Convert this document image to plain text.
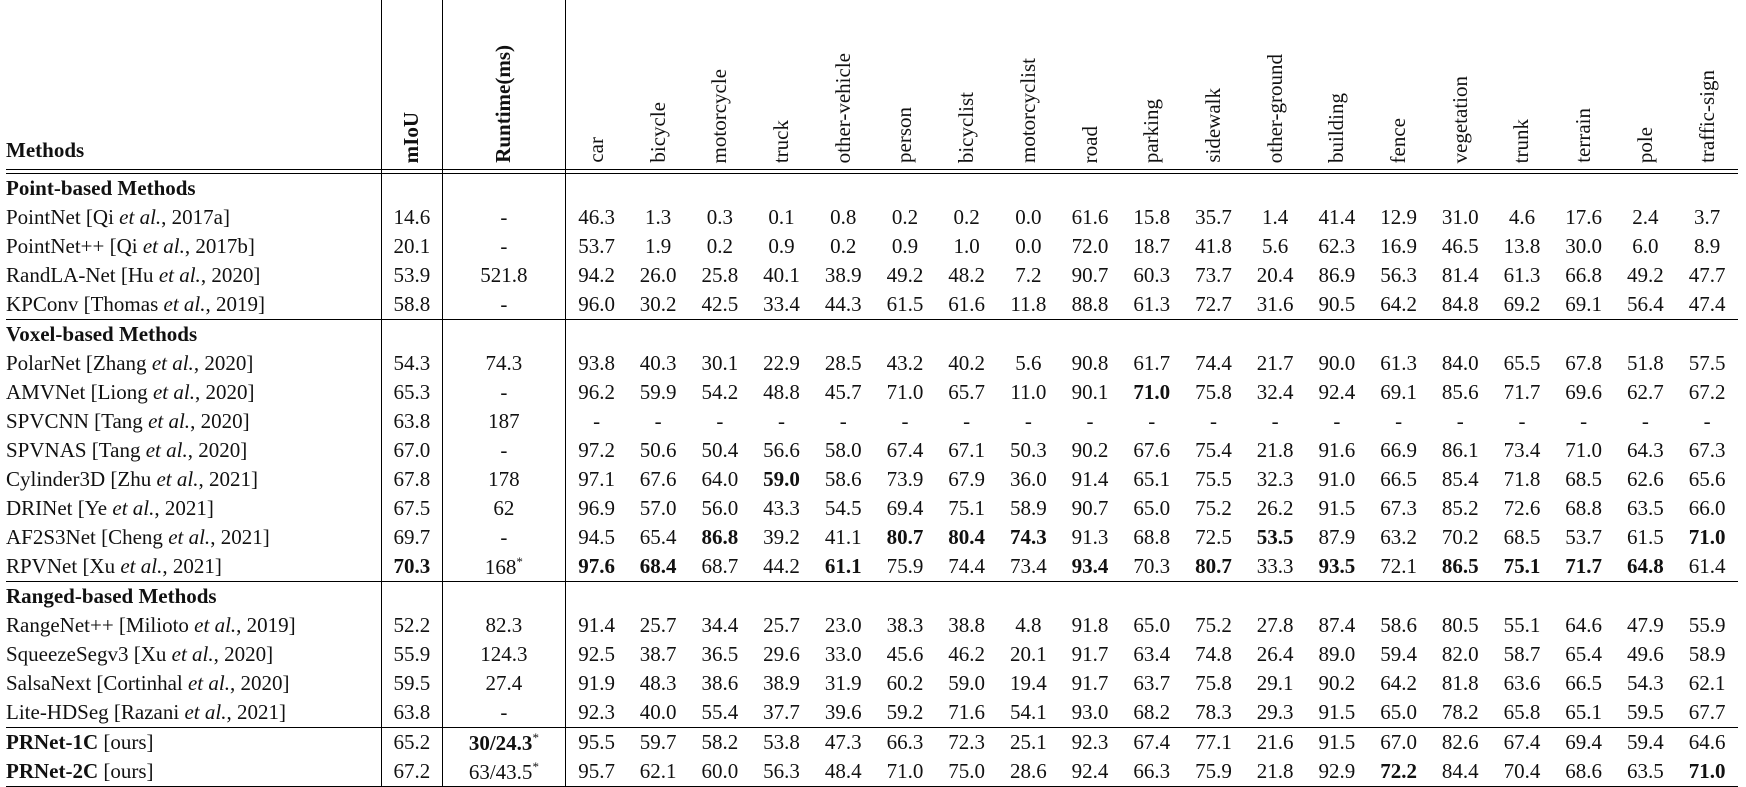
Methods	mIoU	Runtime(ms)	car	bicycle	motorcycle	truck	other-vehicle	person	bicyclist	motorcyclist	road	parking	sidewalk	other-ground	building	fence	vegetation	trunk	terrain	pole	traffic-sign

Point-based Methods																					
PointNet [Qi et al., 2017a]	14.6	-	46.3	1.3	0.3	0.1	0.8	0.2	0.2	0.0	61.6	15.8	35.7	1.4	41.4	12.9	31.0	4.6	17.6	2.4	3.7
PointNet++ [Qi et al., 2017b]	20.1	-	53.7	1.9	0.2	0.9	0.2	0.9	1.0	0.0	72.0	18.7	41.8	5.6	62.3	16.9	46.5	13.8	30.0	6.0	8.9
RandLA-Net [Hu et al., 2020]	53.9	521.8	94.2	26.0	25.8	40.1	38.9	49.2	48.2	7.2	90.7	60.3	73.7	20.4	86.9	56.3	81.4	61.3	66.8	49.2	47.7
KPConv [Thomas et al., 2019]	58.8	-	96.0	30.2	42.5	33.4	44.3	61.5	61.6	11.8	88.8	61.3	72.7	31.6	90.5	64.2	84.8	69.2	69.1	56.4	47.4
Voxel-based Methods																					
PolarNet [Zhang et al., 2020]	54.3	74.3	93.8	40.3	30.1	22.9	28.5	43.2	40.2	5.6	90.8	61.7	74.4	21.7	90.0	61.3	84.0	65.5	67.8	51.8	57.5
AMVNet [Liong et al., 2020]	65.3	-	96.2	59.9	54.2	48.8	45.7	71.0	65.7	11.0	90.1	71.0	75.8	32.4	92.4	69.1	85.6	71.7	69.6	62.7	67.2
SPVCNN [Tang et al., 2020]	63.8	187	-	-	-	-	-	-	-	-	-	-	-	-	-	-	-	-	-	-	-
SPVNAS [Tang et al., 2020]	67.0	-	97.2	50.6	50.4	56.6	58.0	67.4	67.1	50.3	90.2	67.6	75.4	21.8	91.6	66.9	86.1	73.4	71.0	64.3	67.3
Cylinder3D [Zhu et al., 2021]	67.8	178	97.1	67.6	64.0	59.0	58.6	73.9	67.9	36.0	91.4	65.1	75.5	32.3	91.0	66.5	85.4	71.8	68.5	62.6	65.6
DRINet [Ye et al., 2021]	67.5	62	96.9	57.0	56.0	43.3	54.5	69.4	75.1	58.9	90.7	65.0	75.2	26.2	91.5	67.3	85.2	72.6	68.8	63.5	66.0
AF2S3Net [Cheng et al., 2021]	69.7	-	94.5	65.4	86.8	39.2	41.1	80.7	80.4	74.3	91.3	68.8	72.5	53.5	87.9	63.2	70.2	68.5	53.7	61.5	71.0
RPVNet [Xu et al., 2021]	70.3	168*	97.6	68.4	68.7	44.2	61.1	75.9	74.4	73.4	93.4	70.3	80.7	33.3	93.5	72.1	86.5	75.1	71.7	64.8	61.4
Ranged-based Methods																					
RangeNet++ [Milioto et al., 2019]	52.2	82.3	91.4	25.7	34.4	25.7	23.0	38.3	38.8	4.8	91.8	65.0	75.2	27.8	87.4	58.6	80.5	55.1	64.6	47.9	55.9
SqueezeSegv3 [Xu et al., 2020]	55.9	124.3	92.5	38.7	36.5	29.6	33.0	45.6	46.2	20.1	91.7	63.4	74.8	26.4	89.0	59.4	82.0	58.7	65.4	49.6	58.9
SalsaNext [Cortinhal et al., 2020]	59.5	27.4	91.9	48.3	38.6	38.9	31.9	60.2	59.0	19.4	91.7	63.7	75.8	29.1	90.2	64.2	81.8	63.6	66.5	54.3	62.1
Lite-HDSeg [Razani et al., 2021]	63.8	-	92.3	40.0	55.4	37.7	39.6	59.2	71.6	54.1	93.0	68.2	78.3	29.3	91.5	65.0	78.2	65.8	65.1	59.5	67.7
PRNet-1C [ours]	65.2	30/24.3*	95.5	59.7	58.2	53.8	47.3	66.3	72.3	25.1	92.3	67.4	77.1	21.6	91.5	67.0	82.6	67.4	69.4	59.4	64.6
PRNet-2C [ours]	67.2	63/43.5*	95.7	62.1	60.0	56.3	48.4	71.0	75.0	28.6	92.4	66.3	75.9	21.8	92.9	72.2	84.4	70.4	68.6	63.5	71.0
